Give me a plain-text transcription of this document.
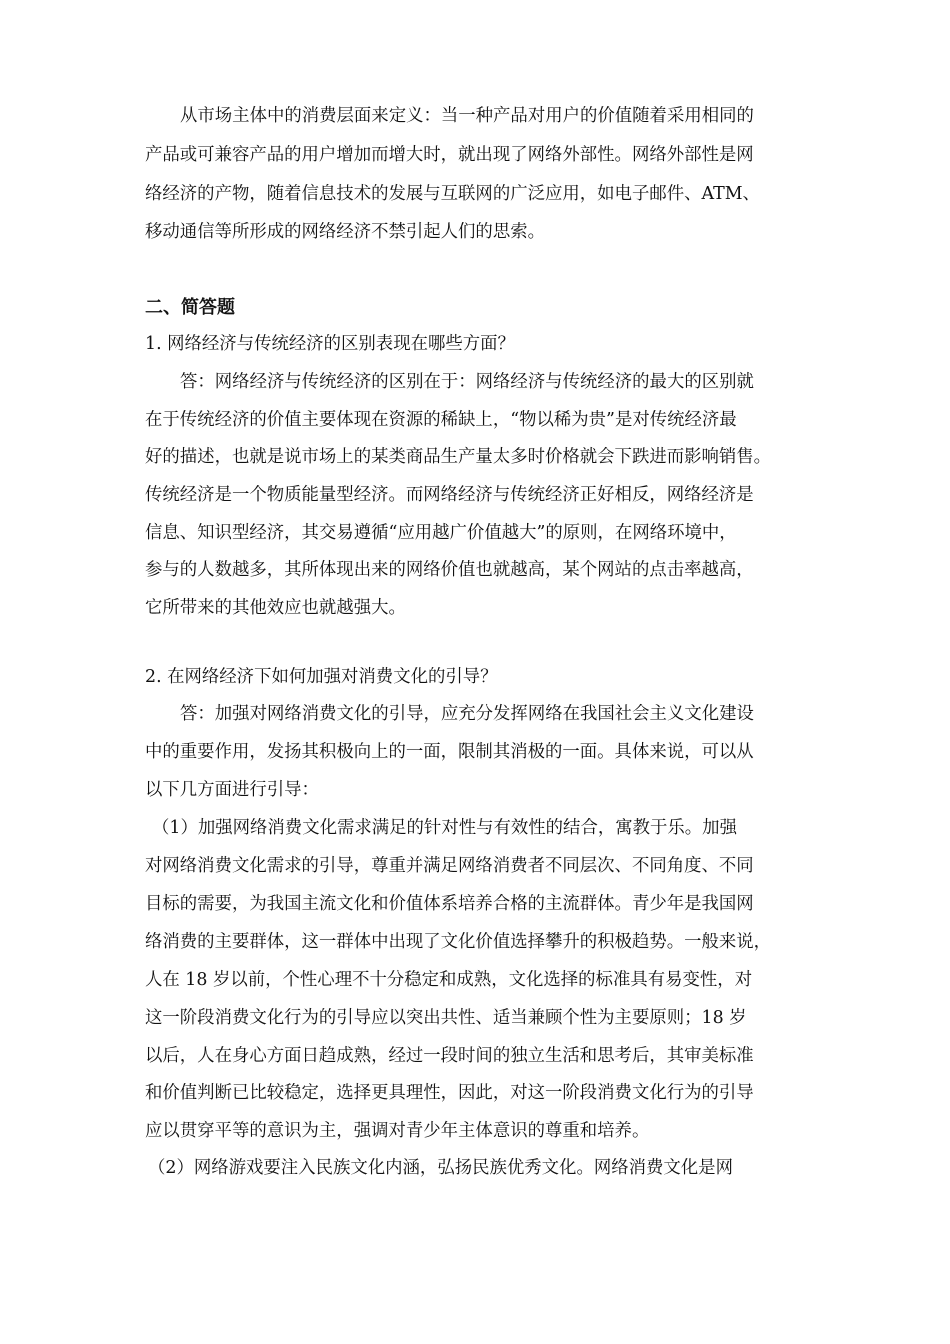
从市场主体中的消费层面来定义：当一种产品对用户的价值随着采用相同的
产品或可兼容产品的用户增加而增大时，就出现了网络外部性。网络外部性是网
络经济的产物，随着信息技术的发展与互联网的广泛应用，如电子邮件、ATM、
移动通信等所形成的网络经济不禁引起人们的思索。
二、简答题
1. 网络经济与传统经济的区别表现在哪些方面？
答：网络经济与传统经济的区别在于：网络经济与传统经济的最大的区别就
在于传统经济的价值主要体现在资源的稀缺上，“物以稀为贵”是对传统经济最
好的描述，也就是说市场上的某类商品生产量太多时价格就会下跌进而影响销售。
传统经济是一个物质能量型经济。而网络经济与传统经济正好相反，网络经济是
信息、知识型经济，其交易遵循“应用越广价值越大”的原则，在网络环境中，
参与的人数越多，其所体现出来的网络价值也就越高，某个网站的点击率越高，
它所带来的其他效应也就越强大。
2. 在网络经济下如何加强对消费文化的引导？
答：加强对网络消费文化的引导，应充分发挥网络在我国社会主义文化建设
中的重要作用，发扬其积极向上的一面，限制其消极的一面。具体来说，可以从
以下几方面进行引导：
（1）加强网络消费文化需求满足的针对性与有效性的结合，寓教于乐。加强
对网络消费文化需求的引导，尊重并满足网络消费者不同层次、不同角度、不同
目标的需要，为我国主流文化和价值体系培养合格的主流群体。青少年是我国网
络消费的主要群体，这一群体中出现了文化价值选择攀升的积极趋势。一般来说，
人在 18 岁以前，个性心理不十分稳定和成熟，文化选择的标准具有易变性，对
这一阶段消费文化行为的引导应以突出共性、适当兼顾个性为主要原则；18 岁
以后，人在身心方面日趋成熟，经过一段时间的独立生活和思考后，其审美标准
和价值判断已比较稳定，选择更具理性，因此，对这一阶段消费文化行为的引导
应以贯穿平等的意识为主，强调对青少年主体意识的尊重和培养。
（2）网络游戏要注入民族文化内涵，弘扬民族优秀文化。网络消费文化是网
